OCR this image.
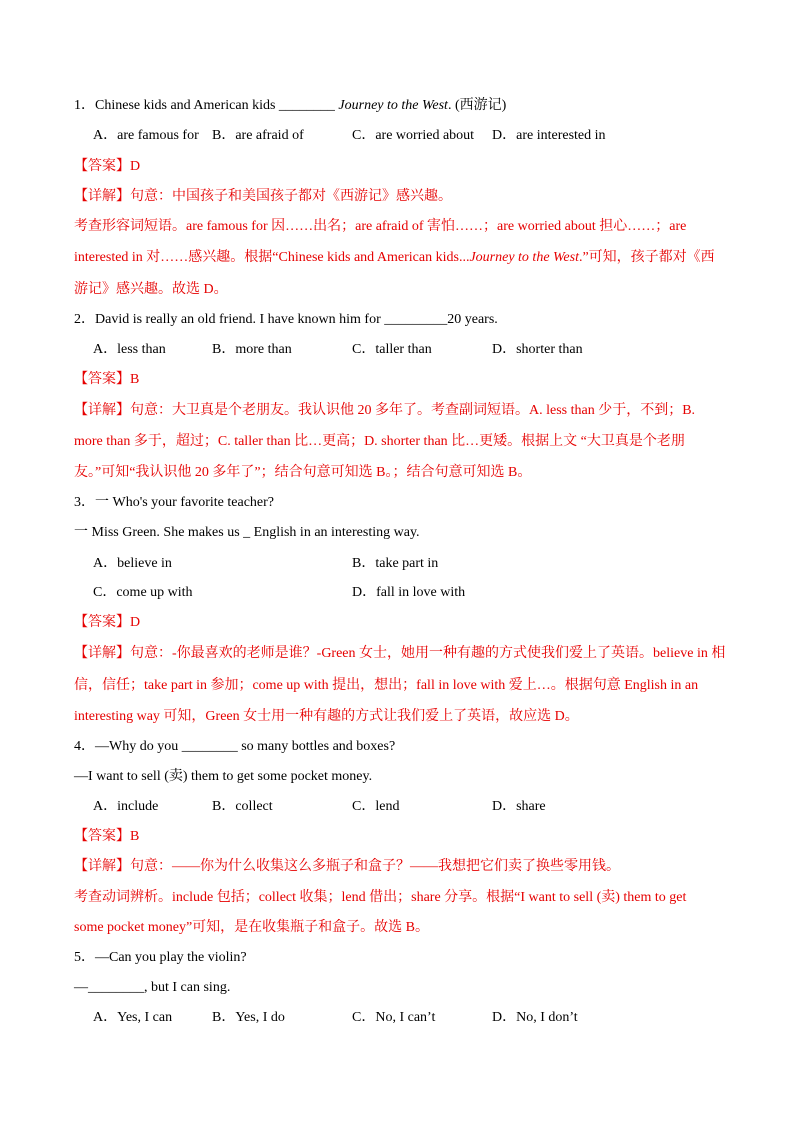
1．Chinese kids and American kids ________ Journey to the West. (西游记)
A．are famous for B．are afraid of	C．are worried about D．are interested in
【答案】D
【详解】句意：中国孩子和美国孩子都对《西游记》感兴趣。
考查形容词短语。are famous for 因……出名；are afraid of 害怕……；are worried about 担心……；are
interested in 对……感兴趣。根据“Chinese kids and American kids...Journey to the West.”可知，孩子都对《西
游记》感兴趣。故选 D。
2．David is really an old friend. I have known him for _________20 years.
A．less than	B．more than	C．taller than	D．shorter than
【答案】B
【详解】句意：大卫真是个老朋友。我认识他 20 多年了。考查副词短语。A. less than 少于，不到；B.
more than 多于，超过；C. taller than 比…更高；D. shorter than 比…更矮。根据上文 “大卫真是个老朋
友。”可知“我认识他 20 多年了”；结合句意可知选 B。；结合句意可知选 B。
3．一 Who's your favorite teacher?
一 Miss Green. She makes us _ English in an interesting way.
A．believe in	B．take part in
C．come up with	D．fall in love with
【答案】D
【详解】句意：-你最喜欢的老师是谁？-Green 女士，她用一种有趣的方式使我们爱上了英语。believe in 相
信，信任；take part in 参加；come up with 提出，想出；fall in love with 爱上…。根据句意 English in an
interesting way 可知，Green 女士用一种有趣的方式让我们爱上了英语，故应选 D。
4．—Why do you ________ so many bottles and boxes?
—I want to sell (卖) them to get some pocket money.
A．include	B．collect	C．lend	D．share
【答案】B
【详解】句意：——你为什么收集这么多瓶子和盒子？——我想把它们卖了换些零用钱。
考查动词辨析。include 包括；collect 收集；lend 借出；share 分享。根据“I want to sell (卖) them to get
some pocket money”可知，是在收集瓶子和盒子。故选 B。
5．—Can you play the violin?
—________, but I can sing.
A．Yes, I can	B．Yes, I do	C．No, I can’t	D．No, I don’t
